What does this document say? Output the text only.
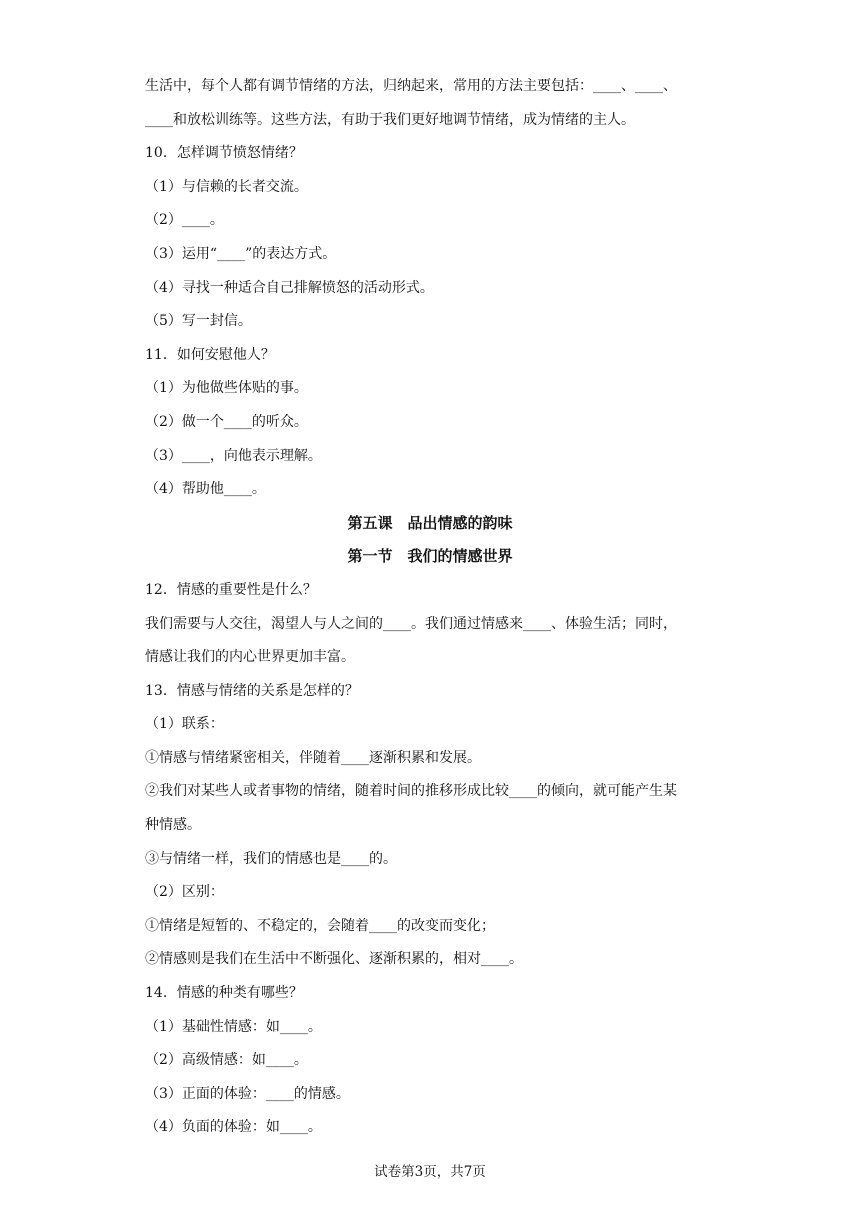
生活中，每个人都有调节情绪的方法，归纳起来，常用的方法主要包括：____、____、
____和放松训练等。这些方法，有助于我们更好地调节情绪，成为情绪的主人。
10．怎样调节愤怒情绪？
（1）与信赖的长者交流。
（2）____。
（3）运用“____”的表达方式。
（4）寻找一种适合自己排解愤怒的活动形式。
（5）写一封信。
11．如何安慰他人？
（1）为他做些体贴的事。
（2）做一个____的听众。
（3）____，向他表示理解。
（4）帮助他____。
第五课　品出情感的韵味
第一节　我们的情感世界
12．情感的重要性是什么？
我们需要与人交往，渴望人与人之间的____。我们通过情感来____、体验生活；同时，
情感让我们的内心世界更加丰富。
13．情感与情绪的关系是怎样的？
（1）联系：
①情感与情绪紧密相关，伴随着____逐渐积累和发展。
②我们对某些人或者事物的情绪，随着时间的推移形成比较____的倾向，就可能产生某
种情感。
③与情绪一样，我们的情感也是____的。
（2）区别：
①情绪是短暂的、不稳定的，会随着____的改变而变化；
②情感则是我们在生活中不断强化、逐渐积累的，相对____。
14．情感的种类有哪些？
（1）基础性情感：如____。
（2）高级情感：如____。
（3）正面的体验：____的情感。
（4）负面的体验：如____。
试卷第3页，共7页
